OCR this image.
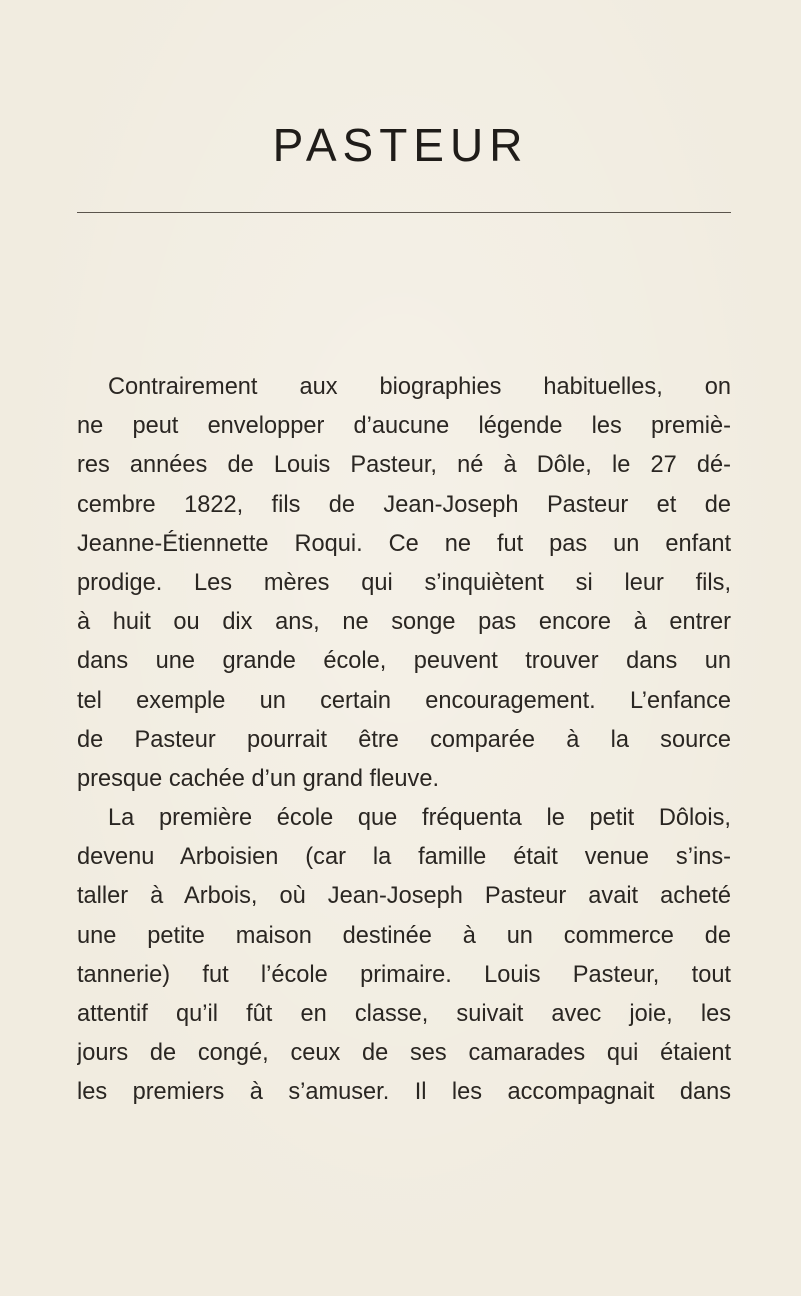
PASTEUR
Contrairement aux biographies habituelles, on
ne peut envelopper d’aucune légende les premiè-
res années de Louis Pasteur, né à Dôle, le 27 dé-
cembre 1822, fils de Jean-Joseph Pasteur et de
Jeanne-Étiennette Roqui. Ce ne fut pas un enfant
prodige. Les mères qui s’inquiètent si leur fils,
à huit ou dix ans, ne songe pas encore à entrer
dans une grande école, peuvent trouver dans un
tel exemple un certain encouragement. L’enfance
de Pasteur pourrait être comparée à la source
presque cachée d’un grand fleuve.
La première école que fréquenta le petit Dôlois,
devenu Arboisien (car la famille était venue s’ins-
taller à Arbois, où Jean-Joseph Pasteur avait acheté
une petite maison destinée à un commerce de
tannerie) fut l’école primaire. Louis Pasteur, tout
attentif qu’il fût en classe, suivait avec joie, les
jours de congé, ceux de ses camarades qui étaient
les premiers à s’amuser. Il les accompagnait dans
